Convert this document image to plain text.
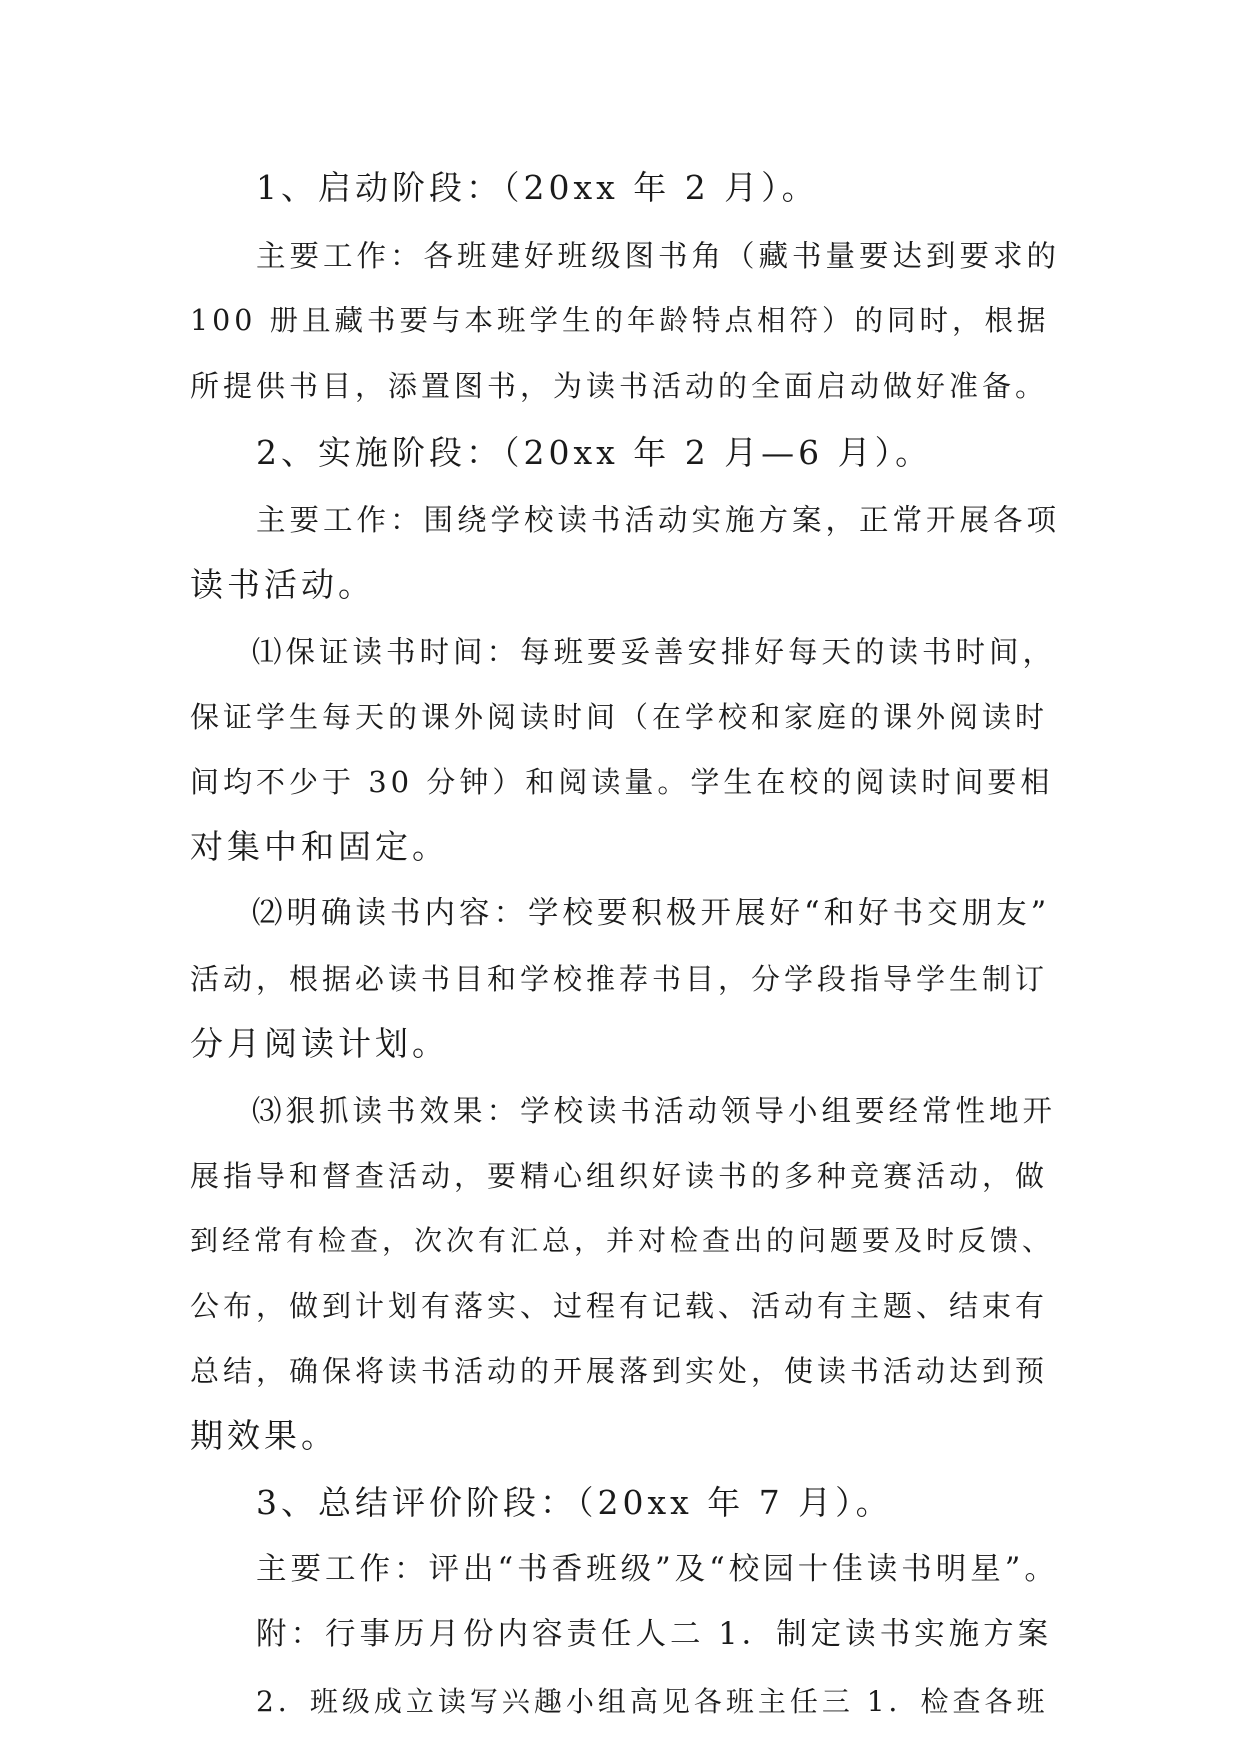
1、启动阶段：（20xx 年 2 月）。
主要工作：各班建好班级图书角（藏书量要达到要求的
100 册且藏书要与本班学生的年龄特点相符）的同时，根据
所提供书目，添置图书，为读书活动的全面启动做好准备。
2、实施阶段：（20xx 年 2 月—6 月）。
主要工作：围绕学校读书活动实施方案，正常开展各项
读书活动。
⑴保证读书时间：每班要妥善安排好每天的读书时间，
保证学生每天的课外阅读时间（在学校和家庭的课外阅读时
间均不少于 30 分钟）和阅读量。学生在校的阅读时间要相
对集中和固定。
⑵明确读书内容：学校要积极开展好“和好书交朋友”
活动，根据必读书目和学校推荐书目，分学段指导学生制订
分月阅读计划。
⑶狠抓读书效果：学校读书活动领导小组要经常性地开
展指导和督查活动，要精心组织好读书的多种竞赛活动，做
到经常有检查，次次有汇总，并对检查出的问题要及时反馈、
公布，做到计划有落实、过程有记载、活动有主题、结束有
总结，确保将读书活动的开展落到实处，使读书活动达到预
期效果。
3、总结评价阶段：（20xx 年 7 月）。
主要工作：评出“书香班级”及“校园十佳读书明星”。
附：行事历月份内容责任人二 1．制定读书实施方案
2．班级成立读写兴趣小组高见各班主任三 1．检查各班
